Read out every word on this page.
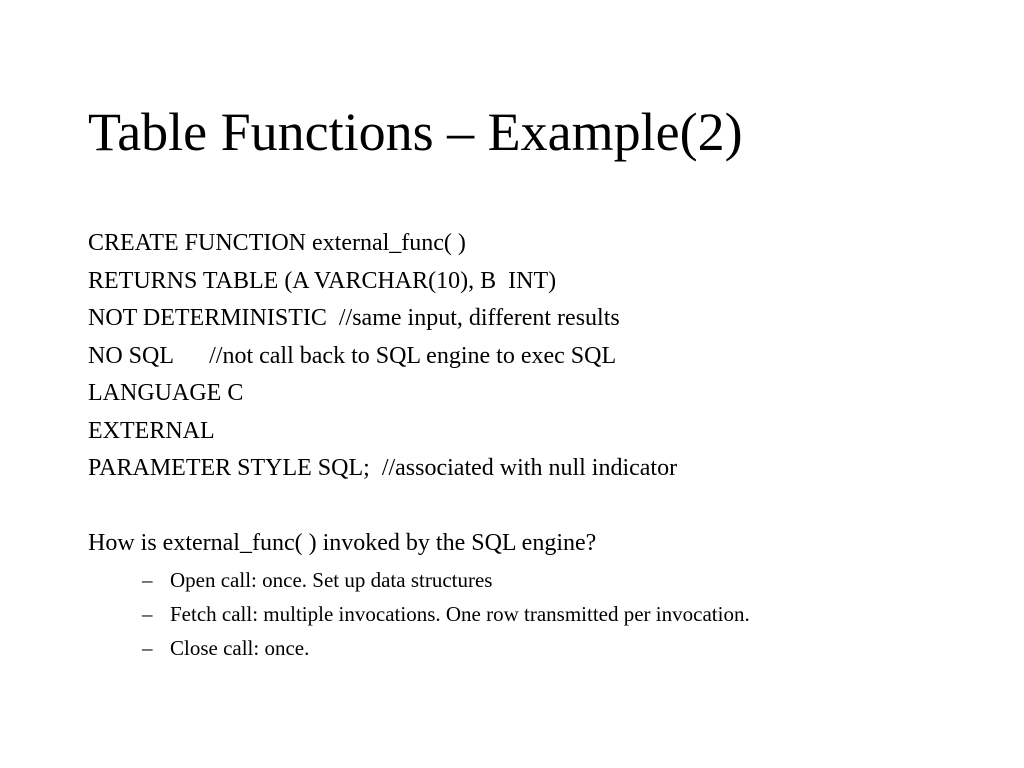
Table Functions – Example(2)
CREATE FUNCTION external_func( )
RETURNS TABLE (A VARCHAR(10), B  INT)
NOT DETERMINISTIC  //same input, different results
NO SQL      //not call back to SQL engine to exec SQL
LANGUAGE C
EXTERNAL
PARAMETER STYLE SQL;  //associated with null indicator
How is external_func( ) invoked by the SQL engine?

–

Open call: once. Set up data structures

–

Fetch call: multiple invocations. One row transmitted per invocation.

–

Close call: once.
